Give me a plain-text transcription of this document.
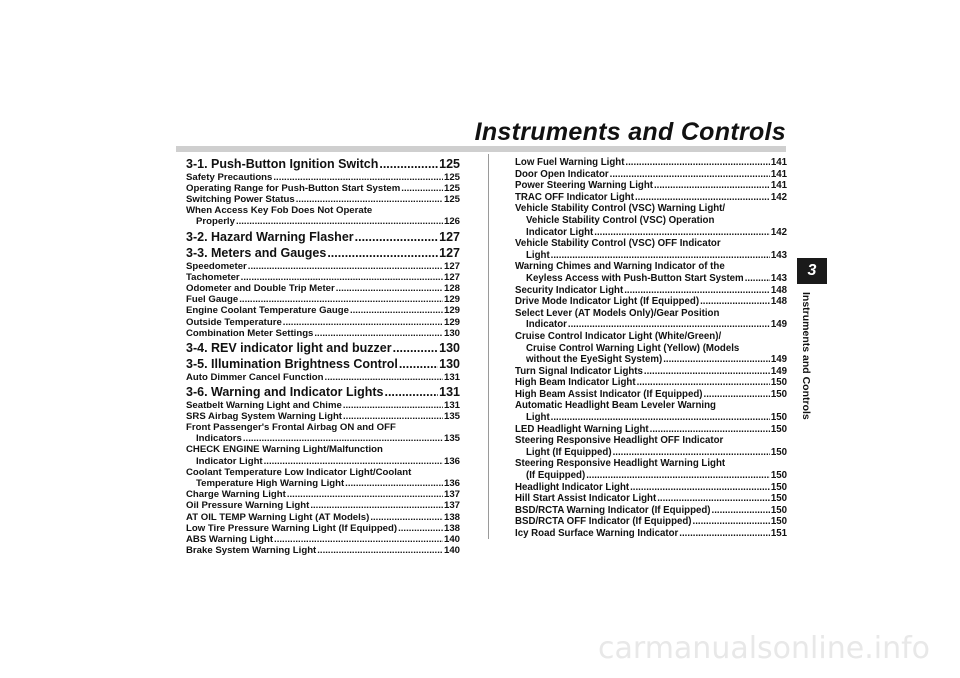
Instruments and Controls
3-1. Push-Button Ignition Switch .....	125
Safety Precautions .....	125
Operating Range for Push-Button Start System .....	125
Switching Power Status .....	125
When Access Key Fob Does Not Operate
Properly .....	126
3-2. Hazard Warning Flasher .....	127
3-3. Meters and Gauges .....	127
Speedometer .....	127
Tachometer .....	127
Odometer and Double Trip Meter .....	128
Fuel Gauge .....	129
Engine Coolant Temperature Gauge .....	129
Outside Temperature .....	129
Combination Meter Settings .....	130
3-4. REV indicator light and buzzer .....	130
3-5. Illumination Brightness Control .....	130
Auto Dimmer Cancel Function .....	131
3-6. Warning and Indicator Lights .....	131
Seatbelt Warning Light and Chime .....	131
SRS Airbag System Warning Light .....	135
Front Passenger's Frontal Airbag ON and OFF
Indicators .....	135
CHECK ENGINE Warning Light/Malfunction
Indicator Light .....	136
Coolant Temperature Low Indicator Light/Coolant
Temperature High Warning Light .....	136
Charge Warning Light .....	137
Oil Pressure Warning Light .....	137
AT OIL TEMP Warning Light (AT Models) .....	138
Low Tire Pressure Warning Light (If Equipped) .....	138
ABS Warning Light .....	140
Brake System Warning Light .....	140
Low Fuel Warning Light .....	141
Door Open Indicator .....	141
Power Steering Warning Light .....	141
TRAC OFF Indicator Light .....	142
Vehicle Stability Control (VSC) Warning Light/
Vehicle Stability Control (VSC) Operation
Indicator Light .....	142
Vehicle Stability Control (VSC) OFF Indicator
Light .....	143
Warning Chimes and Warning Indicator of the
Keyless Access with Push-Button Start System .....	143
Security Indicator Light .....	148
Drive Mode Indicator Light (If Equipped) .....	148
Select Lever (AT Models Only)/Gear Position
Indicator .....	149
Cruise Control Indicator Light (White/Green)/
Cruise Control Warning Light (Yellow) (Models
without the EyeSight System) .....	149
Turn Signal Indicator Lights .....	149
High Beam Indicator Light .....	150
High Beam Assist Indicator (If Equipped) .....	150
Automatic Headlight Beam Leveler Warning
Light .....	150
LED Headlight Warning Light .....	150
Steering Responsive Headlight OFF Indicator
Light (If Equipped) .....	150
Steering Responsive Headlight Warning Light
(If Equipped) .....	150
Headlight Indicator Light .....	150
Hill Start Assist Indicator Light .....	150
BSD/RCTA Warning Indicator (If Equipped) .....	150
BSD/RCTA OFF Indicator (If Equipped) .....	150
Icy Road Surface Warning Indicator .....	151
3
Instruments and Controls
carmanualsonline.info
